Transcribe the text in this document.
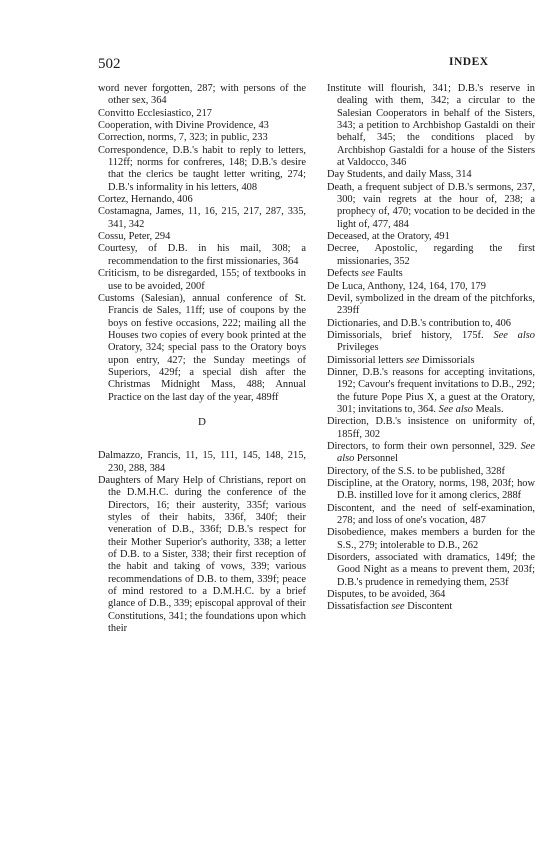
502	INDEX

word never forgotten, 287; with persons of the other sex, 364

Convitto Ecclesiastico, 217

Cooperation, with Divine Providence, 43

Correction, norms, 7, 323; in public, 233

Correspondence, D.B.'s habit to reply to letters, 112ff; norms for confreres, 148; D.B.'s desire that the clerics be taught letter writing, 274; D.B.'s informality in his letters, 408

Cortez, Hernando, 406

Costamagna, James, 11, 16, 215, 217, 287, 335, 341, 342

Cossu, Peter, 294

Courtesy, of D.B. in his mail, 308; a recommendation to the first missionaries, 364

Criticism, to be disregarded, 155; of textbooks in use to be avoided, 200f

Customs (Salesian), annual conference of St. Francis de Sales, 11ff; use of coupons by the boys on festive occasions, 222; mailing all the Houses two copies of every book printed at the Oratory, 324; special pass to the Oratory boys upon entry, 427; the Sunday meetings of Superiors, 429f; a special dish after the Christmas Midnight Mass, 488; Annual Practice on the last day of the year, 489ff

D

Dalmazzo, Francis, 11, 15, 111, 145, 148, 215, 230, 288, 384

Daughters of Mary Help of Christians, report on the D.M.H.C. during the conference of the Directors, 16; their austerity, 335f; various styles of their habits, 336f, 340f; their veneration of D.B., 336f; D.B.'s respect for their Mother Superior's authority, 338; a letter of D.B. to a Sister, 338; their first reception of the habit and taking of vows, 339; various recommendations of D.B. to them, 339f; peace of mind restored to a D.M.H.C. by a brief glance of D.B., 339; episcopal approval of their Constitutions, 341; the foundations upon which their

Institute will flourish, 341; D.B.'s reserve in dealing with them, 342; a circular to the Salesian Cooperators in behalf of the Sisters, 343; a petition to Archbishop Gastaldi on their behalf, 345; the conditions placed by Archbishop Gastaldi for a house of the Sisters at Valdocco, 346

Day Students, and daily Mass, 314

Death, a frequent subject of D.B.'s sermons, 237, 300; vain regrets at the hour of, 238; a prophecy of, 470; vocation to be decided in the light of, 477, 484

Deceased, at the Oratory, 491

Decree, Apostolic, regarding the first missionaries, 352

Defects see Faults

De Luca, Anthony, 124, 164, 170, 179

Devil, symbolized in the dream of the pitchforks, 239ff

Dictionaries, and D.B.'s contribution to, 406

Dimissorials, brief history, 175f. See also Privileges

Dimissorial letters see Dimissorials

Dinner, D.B.'s reasons for accepting invitations, 192; Cavour's frequent invitations to D.B., 292; the future Pope Pius X, a guest at the Oratory, 301; invitations to, 364. See also Meals.

Direction, D.B.'s insistence on uniformity of, 185ff, 302

Directors, to form their own personnel, 329. See also Personnel

Directory, of the S.S. to be published, 328f

Discipline, at the Oratory, norms, 198, 203f; how D.B. instilled love for it among clerics, 288f

Discontent, and the need of self-examination, 278; and loss of one's vocation, 487

Disobedience, makes members a burden for the S.S., 279; intolerable to D.B., 262

Disorders, associated with dramatics, 149f; the Good Night as a means to prevent them, 203f; D.B.'s prudence in remedying them, 253f

Disputes, to be avoided, 364

Dissatisfaction see Discontent
